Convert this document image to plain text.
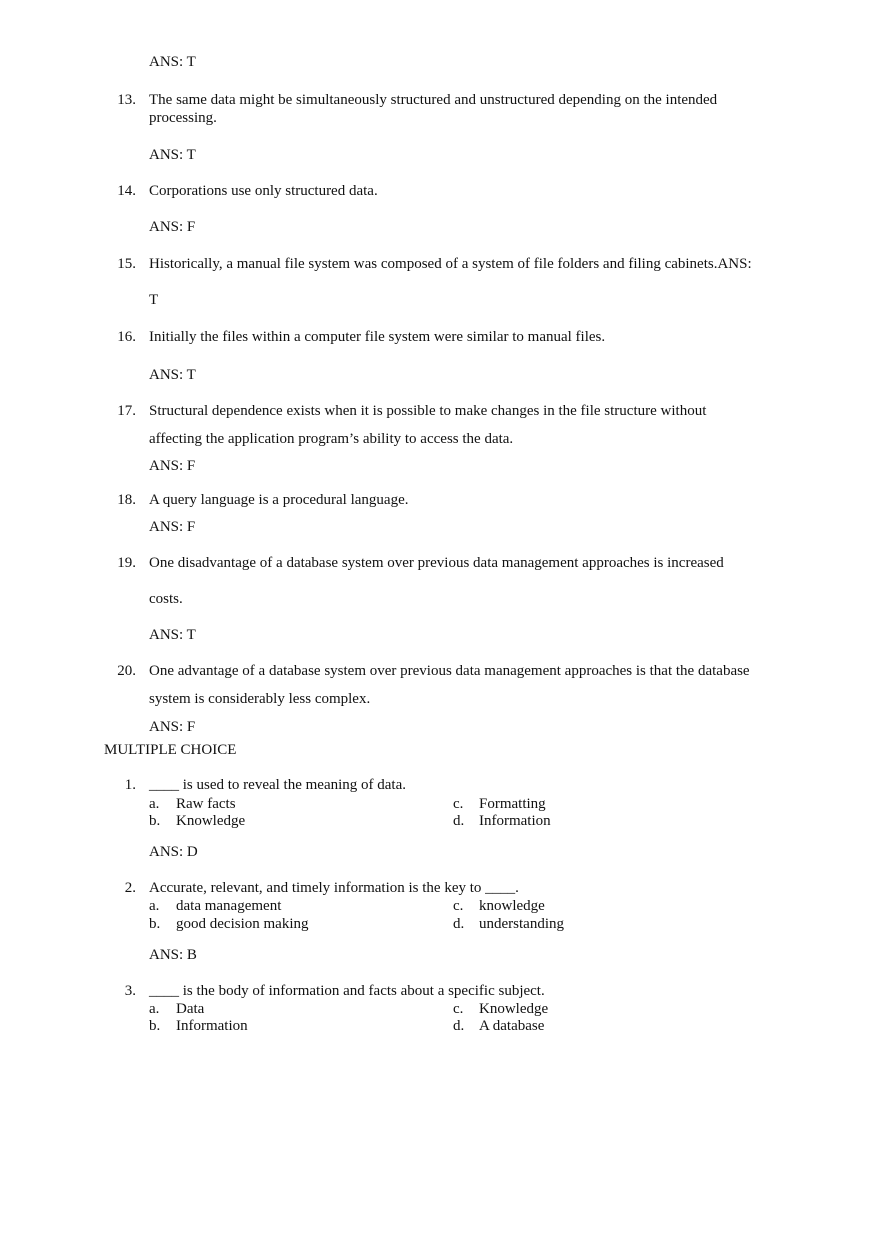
ANS: T
13. The same data might be simultaneously structured and unstructured depending on the intended
processing.
ANS: T
14. Corporations use only structured data.
ANS: F
15. Historically, a manual file system was composed of a system of file folders and filing cabinets.ANS:
T
16. Initially the files within a computer file system were similar to manual files.
ANS: T
17. Structural dependence exists when it is possible to make changes in the file structure without
affecting the application program’s ability to access the data.
ANS: F
18. A query language is a procedural language.
ANS: F
19. One disadvantage of a database system over previous data management approaches is increased
costs.
ANS: T
20. One advantage of a database system over previous data management approaches is that the database
system is considerably less complex.
ANS: F
MULTIPLE CHOICE
1. ____ is used to reveal the meaning of data.
a. Raw facts	c. Formatting
b. Knowledge	d. Information
ANS: D
2. Accurate, relevant, and timely information is the key to ____.
a. data management	c. knowledge
b. good decision making	d. understanding
ANS: B
3. ____ is the body of information and facts about a specific subject.
a. Data	c. Knowledge
b. Information	d. A database
